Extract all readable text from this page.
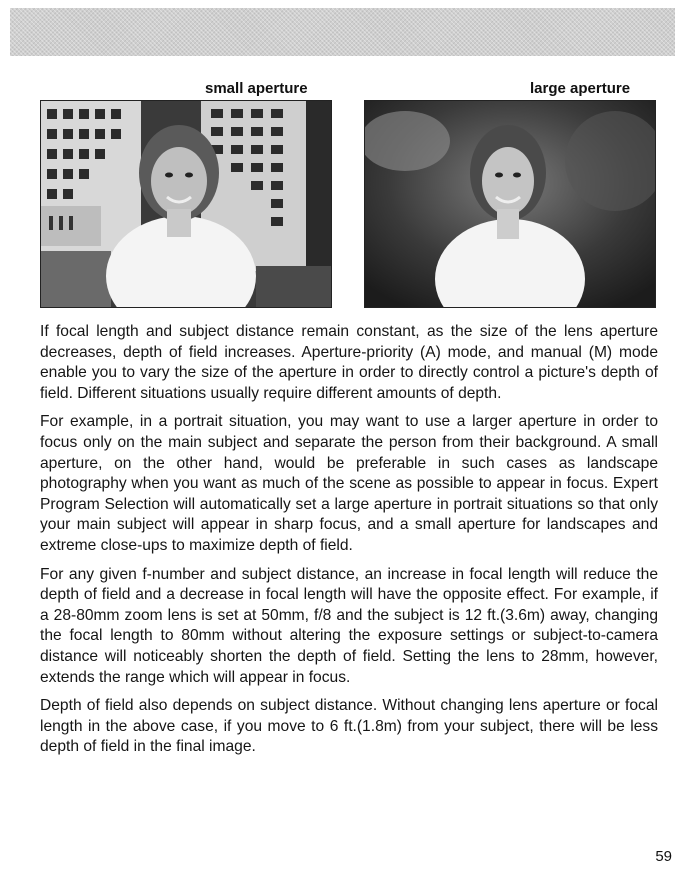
small aperture	large aperture

If focal length and subject distance remain constant, as the size of the lens aperture decreases, depth of field increases. Aperture-priority (A) mode, and manual (M) mode enable you to vary the size of the aperture in order to directly control a picture's depth of field. Different situations usually require different amounts of depth.

For example, in a portrait situation, you may want to use a larger aperture in order to focus only on the main subject and separate the person from their background. A small aperture, on the other hand, would be preferable in such cases as landscape photography when you want as much of the scene as possible to appear in focus. Expert Program Selection will automatically set a large aperture in portrait situations so that only your main subject will appear in sharp focus, and a small aperture for landscapes and extreme close-ups to maximize depth of field.

For any given f-number and subject distance, an increase in focal length will reduce the depth of field and a decrease in focal length will have the opposite effect. For example, if a 28-80mm zoom lens is set at 50mm, f/8 and the subject is 12 ft.(3.6m) away, changing the focal length to 80mm without altering the exposure settings or subject-to-camera distance will noticeably shorten the depth of field. Setting the lens to 28mm, however, extends the range which will appear in focus.

Depth of field also depends on subject distance. Without changing lens aperture or focal length in the above case, if you move to 6 ft.(1.8m) from your subject, there will be less depth of field in the final image.

59
